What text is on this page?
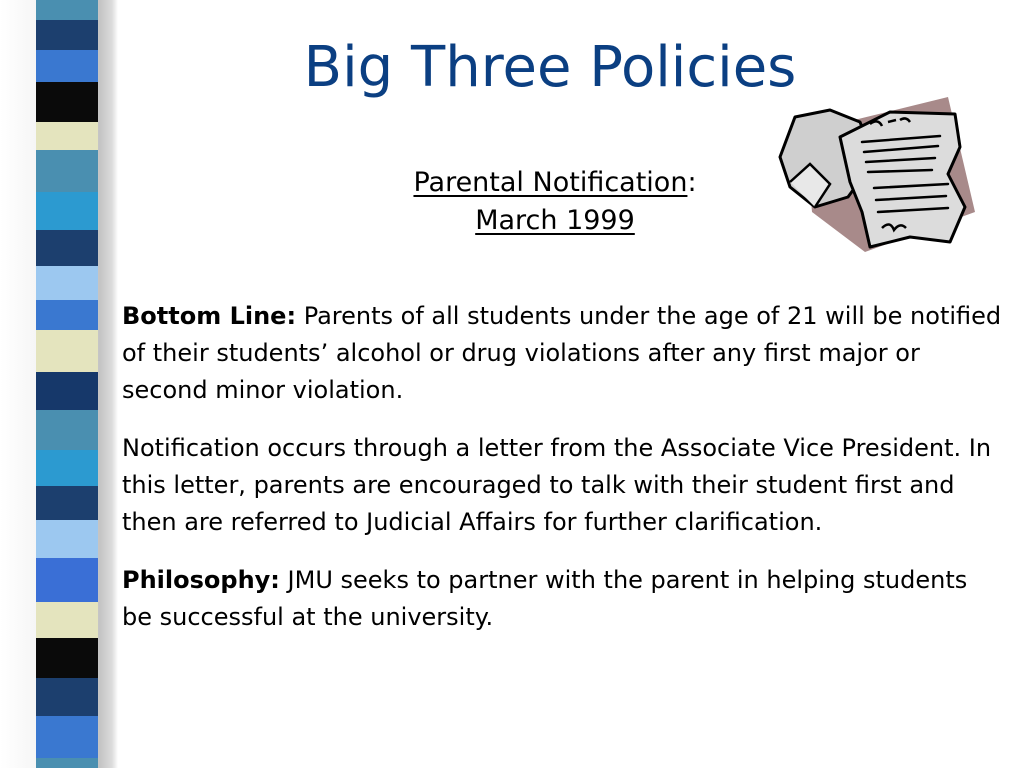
Big Three Policies
Parental Notification:
March 1999

Bottom Line: Parents of all students under the age of 21 will be notified of their students’ alcohol or drug violations after any first major or second minor violation.

Notification occurs through a letter from the Associate Vice President. In this letter, parents are encouraged to talk with their student first and then are referred to Judicial Affairs for further clarification.

Philosophy: JMU seeks to partner with the parent in helping students be successful at the university.
